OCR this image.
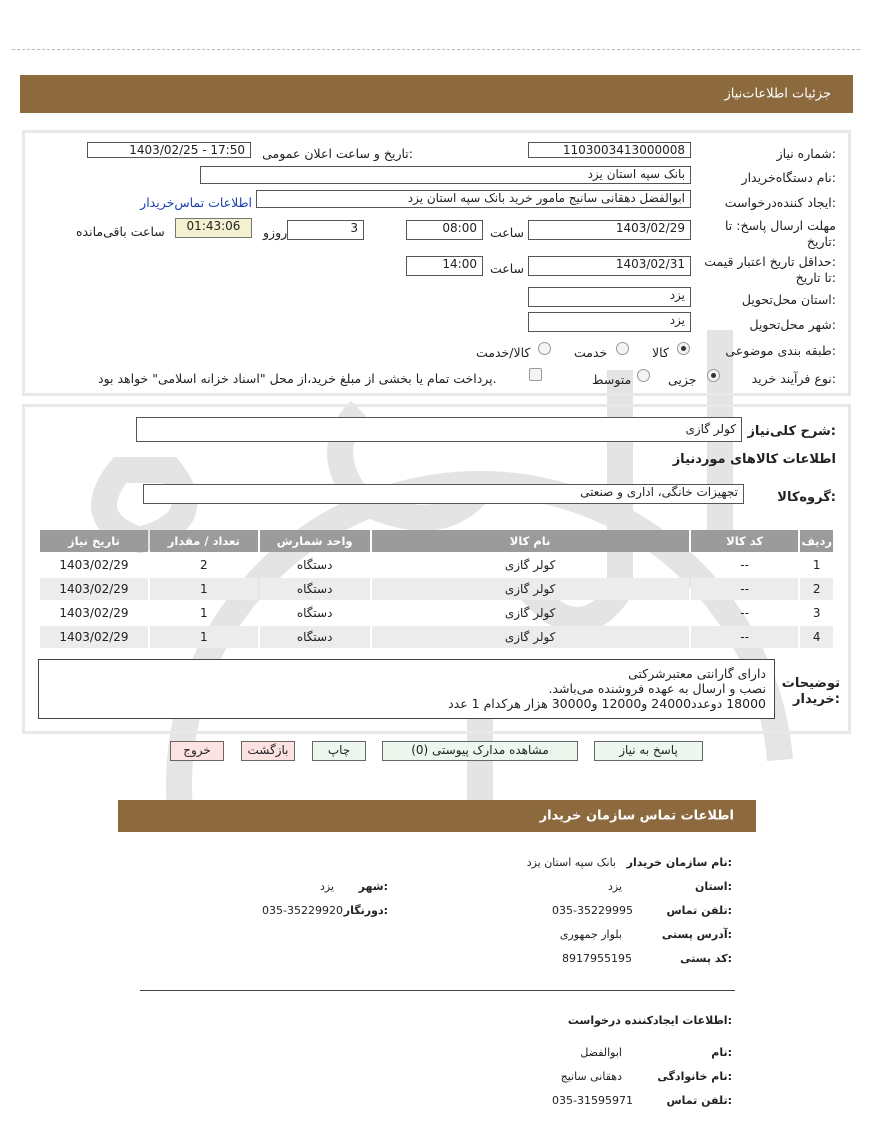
جزئیات اطلاعات‌نیاز
شماره نیاز:
1103003413000008
تاریخ و ساعت اعلان عمومی:
1403/02/25 - 17:50
نام دستگاه‌خریدار:
بانک سپه استان یزد
ایجاد کننده‌درخواست:
ابوالفضل دهقانی سانیج مامور خرید بانک سپه استان یزد
اطلاعات تماس‌خریدار
مهلت ارسال پاسخ: تا
تاریخ:
1403/02/29
ساعت
08:00
3
روزو
01:43:06
ساعت باقی‌مانده
حداقل تاریخ اعتبار قیمت:
تا تاریخ:
1403/02/31
ساعت
14:00
استان محل‌تحویل:
یزد
شهر محل‌تحویل:
یزد
طبقه بندی موضوعی:
کالا
خدمت
کالا/خدمت
نوع فرآیند خرید:
جزیی
متوسط
پرداخت تمام یا بخشی از مبلغ خرید،از محل "اسناد خزانه اسلامی" خواهد بود.
شرح کلی‌نیاز:
کولر گازی
اطلاعات کالاهای موردنیاز
گروه‌کالا:
تجهیزات خانگی، اداری و صنعتی
ردیف	کد کالا	نام کالا	واحد شمارش	تعداد / مقدار	تاریخ نیاز
1	--	کولر گازی	دستگاه	2	1403/02/29
2	--	کولر گازی	دستگاه	1	1403/02/29
3	--	کولر گازی	دستگاه	1	1403/02/29
4	--	کولر گازی	دستگاه	1	1403/02/29
توضیحات
خریدار:
دارای گارانتی معتبرشرکتی
نصب و ارسال به عهده فروشنده می‌باشد.
18000 دوعدد24000 و12000 و30000 هزار هرکدام 1 عدد
پاسخ به نیاز
مشاهده مدارک پیوستی (0)
چاپ
بازگشت
خروج
اطلاعات تماس سازمان خریدار
نام سازمان خریدار:
بانک سپه استان یزد
استان:
یزد
شهر:
یزد
تلفن تماس:
035-35229995
دورنگار:
035-35229920
آدرس پستی:
بلوار جمهوری
کد پستی:
8917955195
اطلاعات ایجادکننده درخواست:
نام:
ابوالفضل
نام خانوادگی:
دهقانی سانیج
تلفن تماس:
035-31595971
